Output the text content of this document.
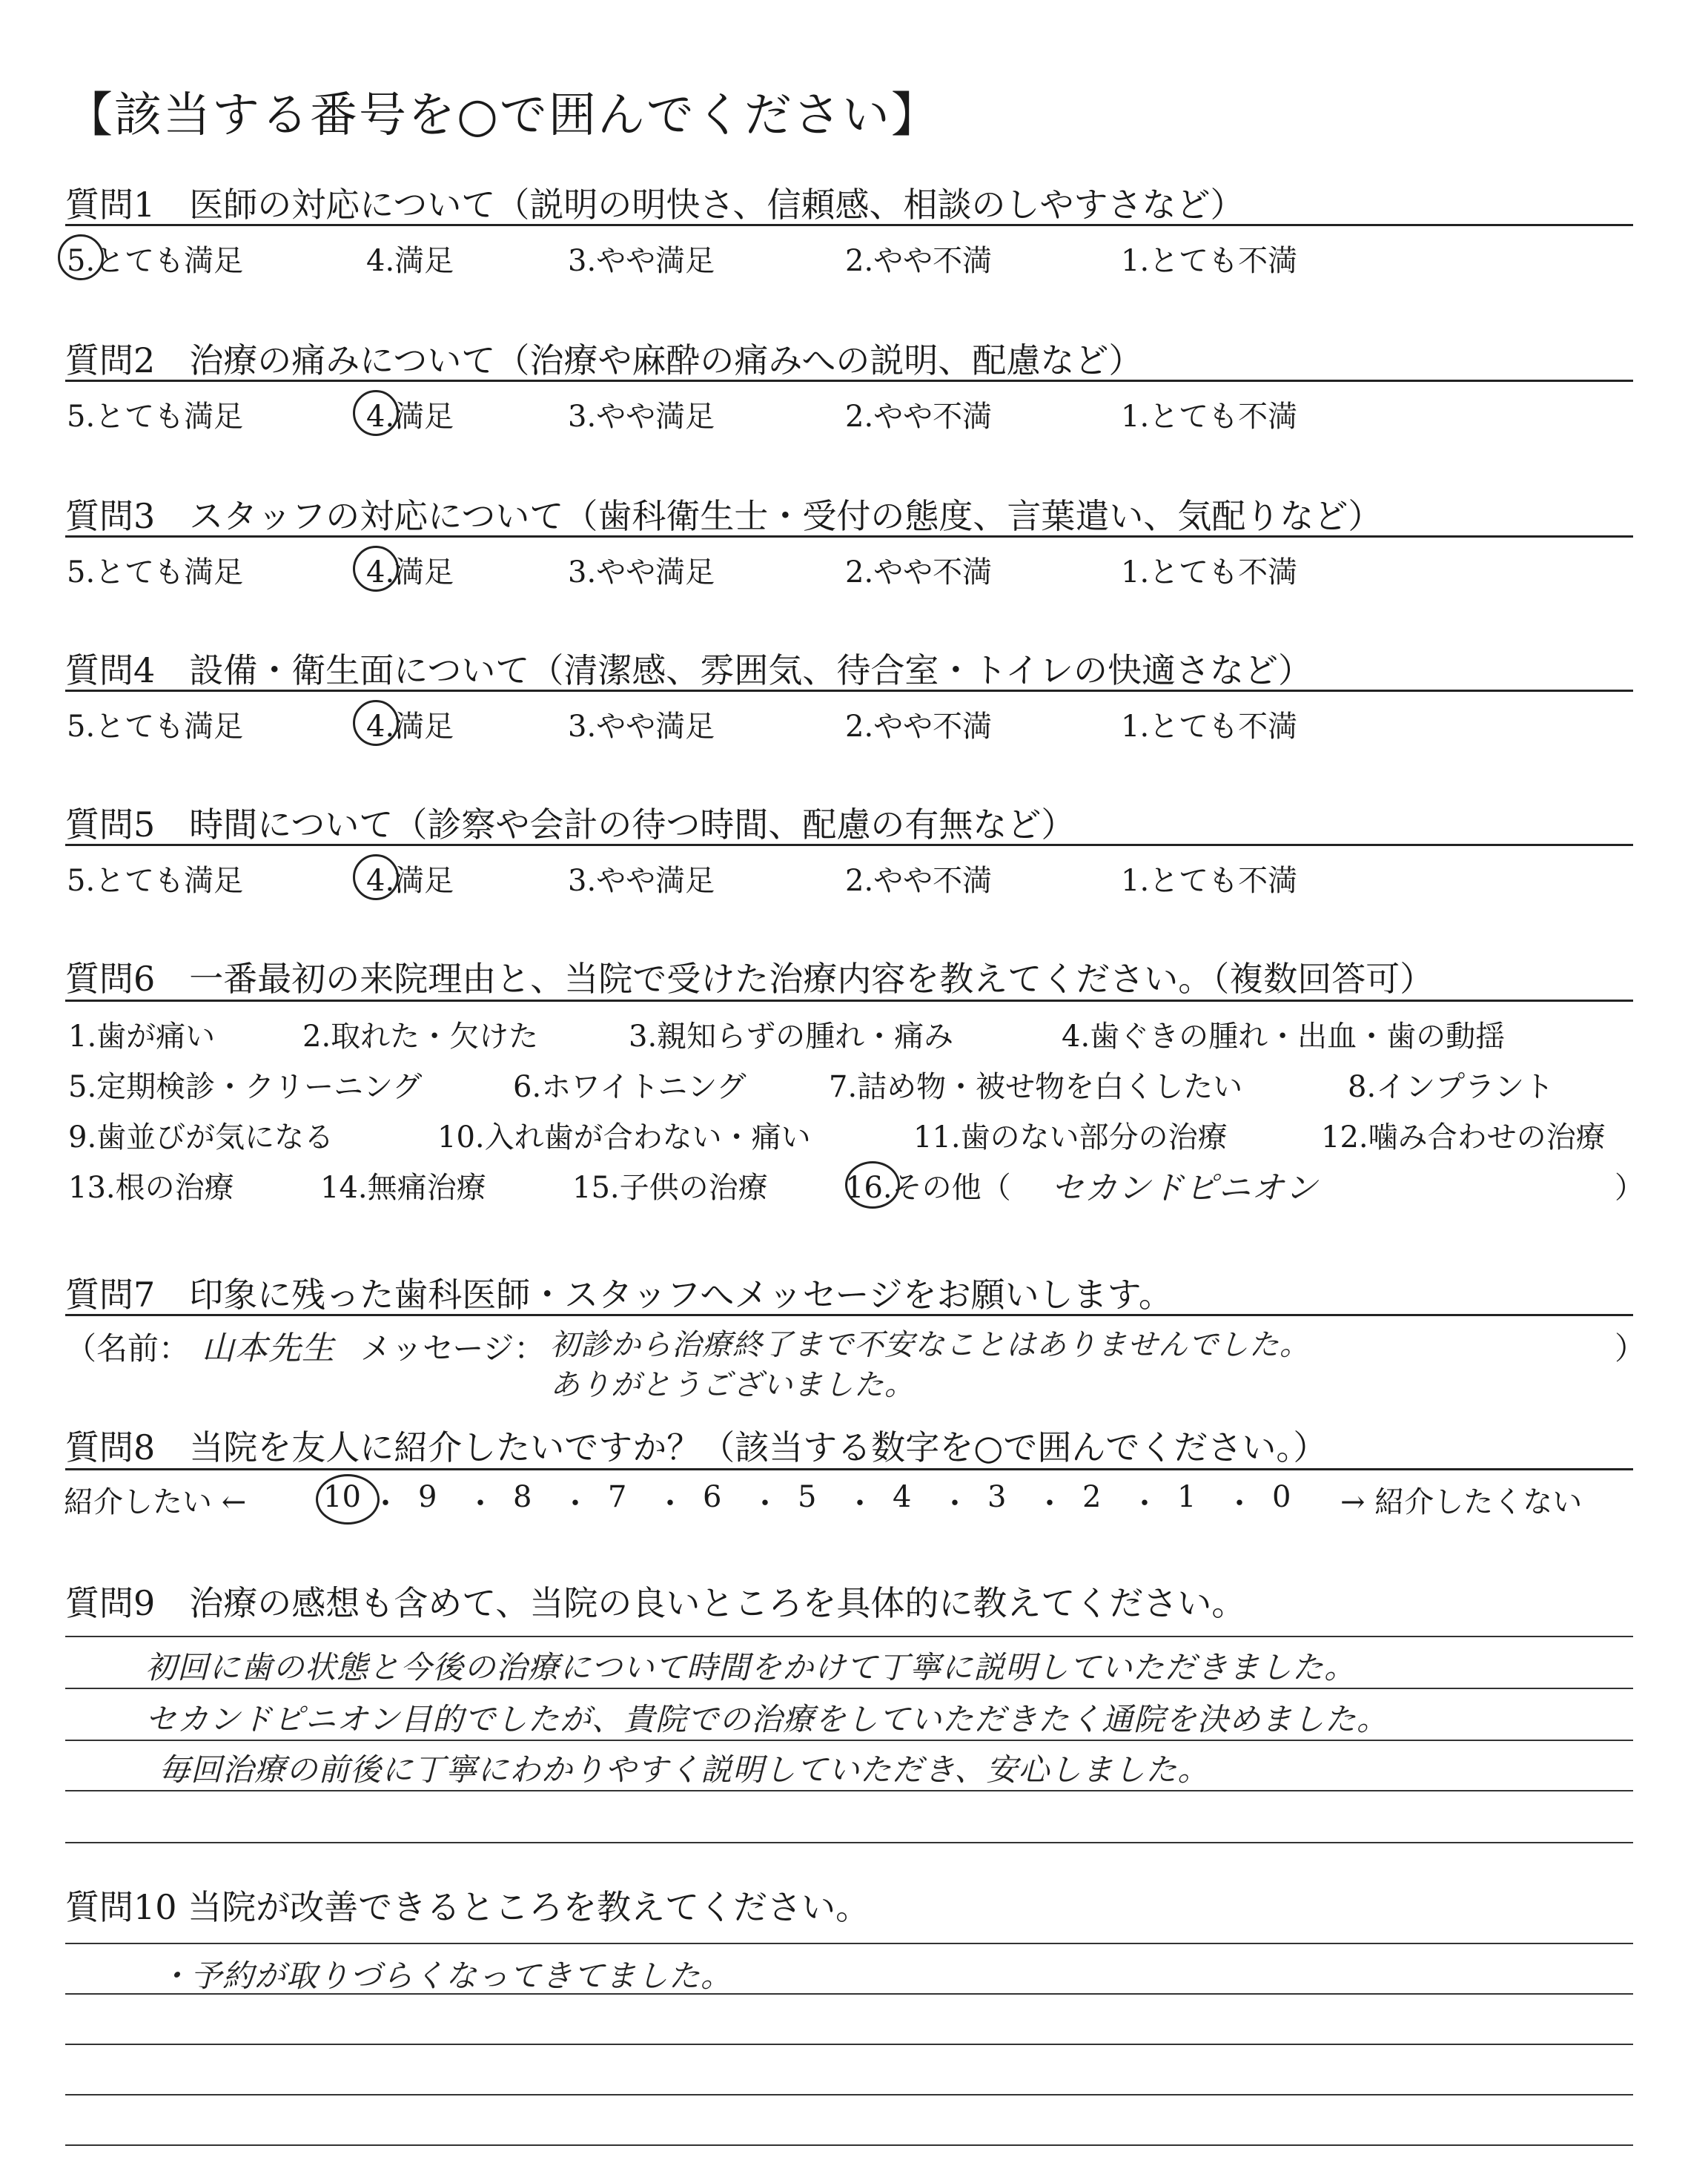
【該当する番号を○で囲んでください】
質問1　医師の対応について（説明の明快さ、信頼感、相談のしやすさなど）
5.とても満足	4.満足	3.やや満足	2.やや不満	1.とても不満
質問2　治療の痛みについて（治療や麻酔の痛みへの説明、配慮など）
5.とても満足	4.満足	3.やや満足	2.やや不満	1.とても不満
質問3　スタッフの対応について（歯科衛生士・受付の態度、言葉遣い、気配りなど）
5.とても満足	4.満足	3.やや満足	2.やや不満	1.とても不満
質問4　設備・衛生面について（清潔感、雰囲気、待合室・トイレの快適さなど）
5.とても満足	4.満足	3.やや満足	2.やや不満	1.とても不満
質問5　時間について（診察や会計の待つ時間、配慮の有無など）
5.とても満足	4.満足	3.やや満足	2.やや不満	1.とても不満
質問6　一番最初の来院理由と、当院で受けた治療内容を教えてください。（複数回答可）
1.歯が痛い	2.取れた・欠けた	3.親知らずの腫れ・痛み	4.歯ぐきの腫れ・出血・歯の動揺
5.定期検診・クリーニング	6.ホワイトニング	7.詰め物・被せ物を白くしたい	8.インプラント
9.歯並びが気になる	10.入れ歯が合わない・痛い	11.歯のない部分の治療	12.噛み合わせの治療
13.根の治療	14.無痛治療	15.子供の治療	16.その他（ セカンドピニオン	）
質問7　印象に残った歯科医師・スタッフへメッセージをお願いします。
（名前： 山本先生 メッセージ： 初診から治療終了まで不安なことはありませんでした。
ありがとうございました。
）
質問8　当院を友人に紹介したいですか？（該当する数字を○で囲んでください。）
紹介したい ←	10 ・ 9 ・ 8 ・ 7 ・ 6 ・ 5 ・ 4 ・ 3 ・ 2 ・ 1 ・ 0 → 紹介したくない
質問9　治療の感想も含めて、当院の良いところを具体的に教えてください。
初回に歯の状態と今後の治療について時間をかけて丁寧に説明していただきました。
セカンドピニオン目的でしたが、貴院での治療をしていただきたく通院を決めました。
毎回治療の前後に丁寧にわかりやすく説明していただき、安心しました。
質問10 当院が改善できるところを教えてください。
・予約が取りづらくなってきてました。
